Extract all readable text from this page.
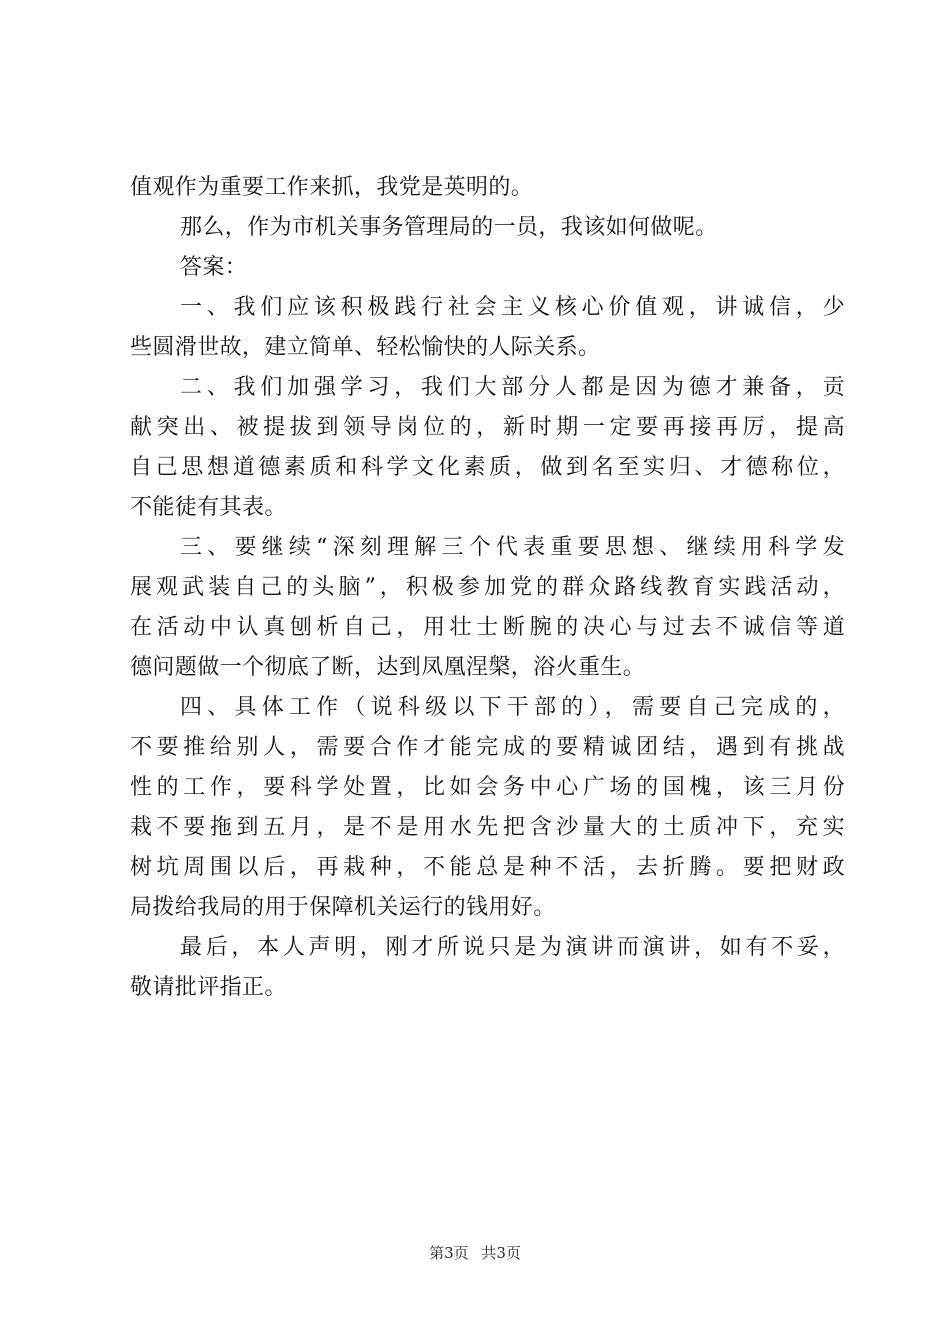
值观作为重要工作来抓，我党是英明的。
那么，作为市机关事务管理局的一员，我该如何做呢。
答案：
一、我们应该积极践行社会主义核心价值观，讲诚信，少
些圆滑世故，建立简单、轻松愉快的人际关系。
二、我们加强学习，我们大部分人都是因为德才兼备，贡
献突出、被提拔到领导岗位的，新时期一定要再接再厉，提高
自己思想道德素质和科学文化素质，做到名至实归、才德称位，
不能徒有其表。
三、要继续“深刻理解三个代表重要思想、继续用科学发
展观武装自己的头脑”，积极参加党的群众路线教育实践活动，
在活动中认真刨析自己，用壮士断腕的决心与过去不诚信等道
德问题做一个彻底了断，达到凤凰涅槃，浴火重生。
四、具体工作（说科级以下干部的），需要自己完成的，
不要推给别人，需要合作才能完成的要精诚团结，遇到有挑战
性的工作，要科学处置，比如会务中心广场的国槐，该三月份
栽不要拖到五月，是不是用水先把含沙量大的土质冲下，充实
树坑周围以后，再栽种，不能总是种不活，去折腾。要把财政
局拨给我局的用于保障机关运行的钱用好。
最后，本人声明，刚才所说只是为演讲而演讲，如有不妥，
敬请批评指正。
第3页 共3页
